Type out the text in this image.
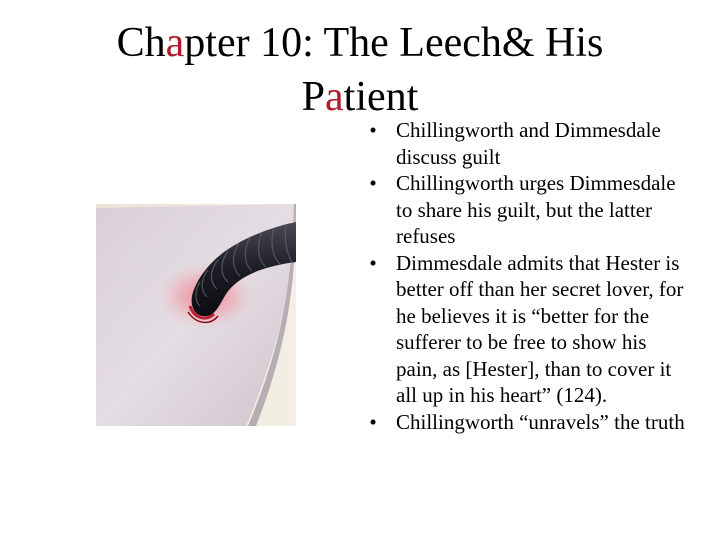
Chapter 10: The Leech& His
Patient
• Chillingworth and Dimmesdale discuss guilt
• Chillingworth urges Dimmesdale to share his guilt, but the latter refuses
• Dimmesdale admits that Hester is better off than her secret lover, for he believes it is “better for the sufferer to be free to show his pain, as [Hester], than to cover it all up in his heart” (124).
• Chillingworth “unravels” the truth
